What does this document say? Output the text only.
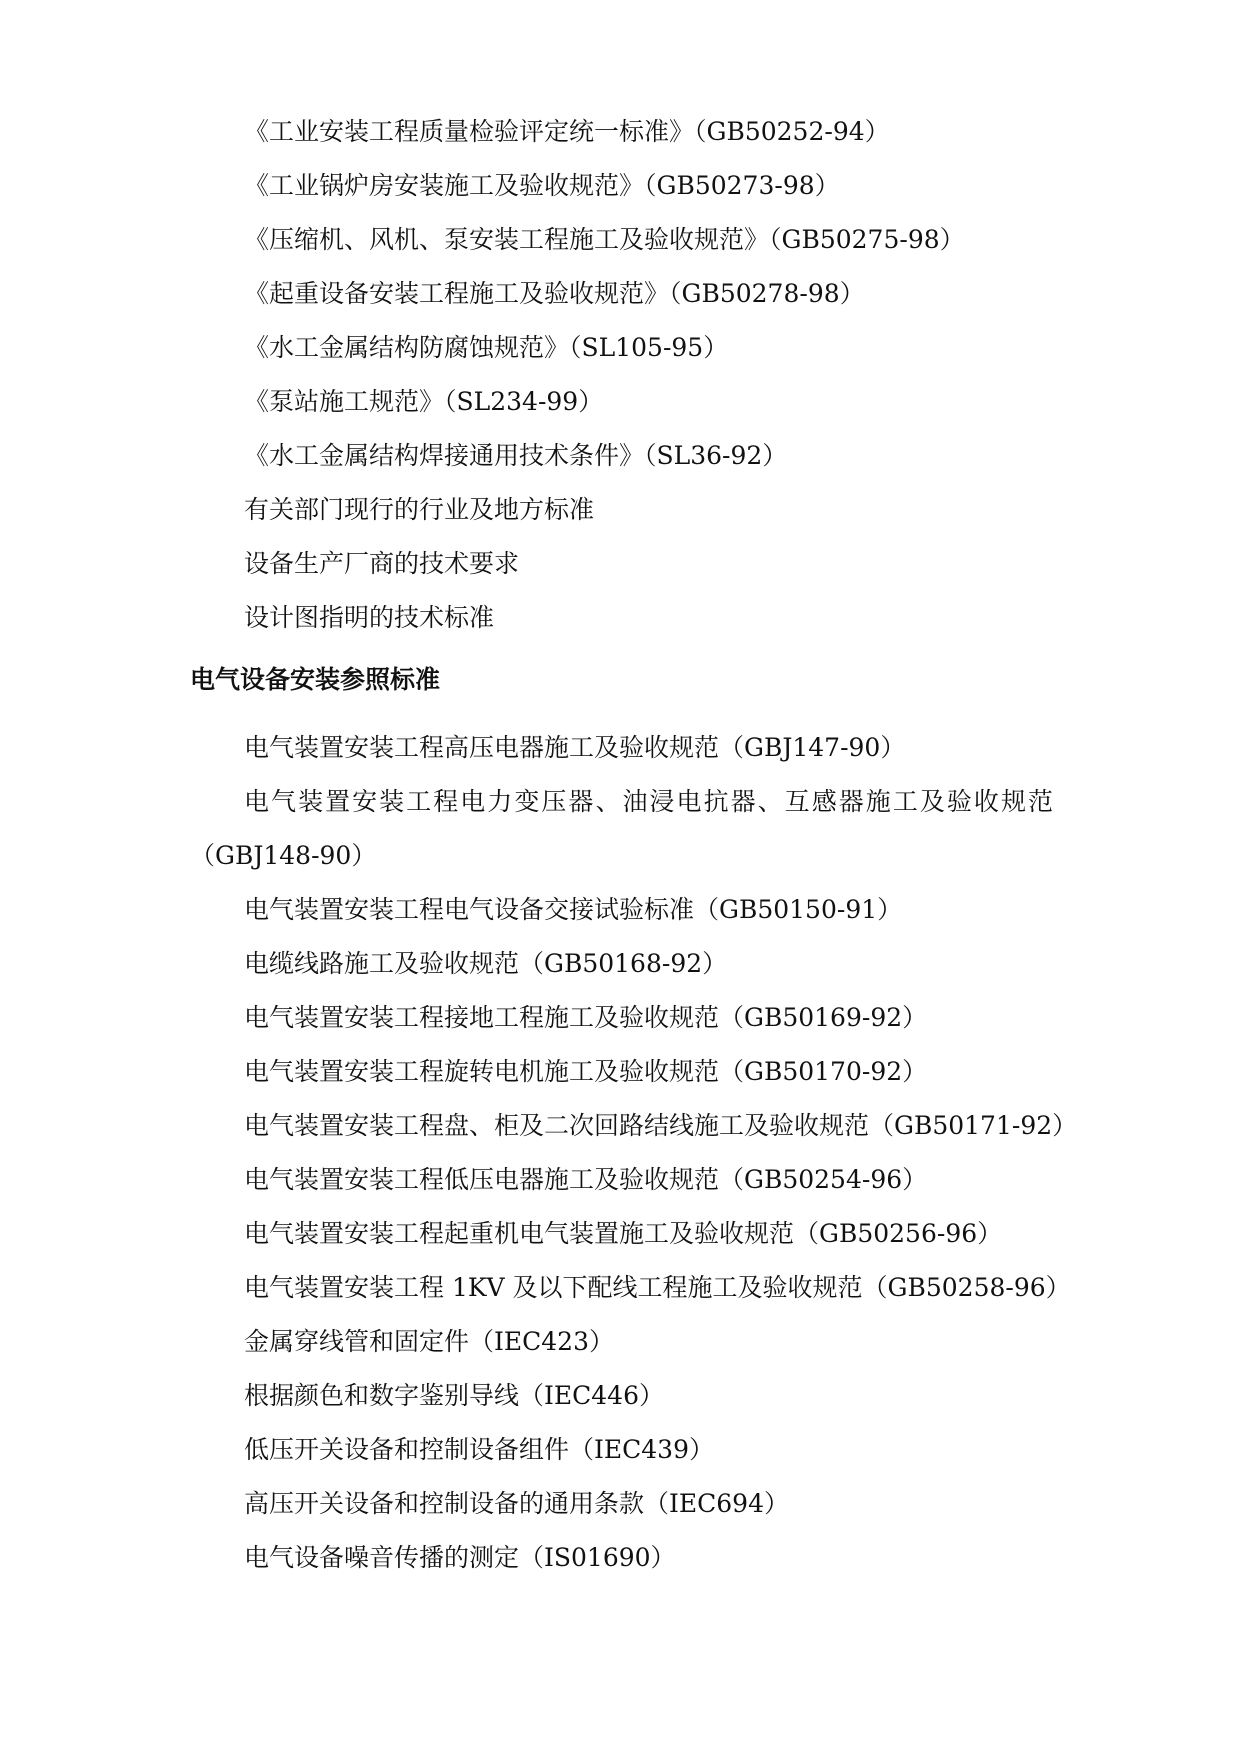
《工业安装工程质量检验评定统一标准》（GB50252-94）
《工业锅炉房安装施工及验收规范》（GB50273-98）
《压缩机、风机、泵安装工程施工及验收规范》（GB50275-98）
《起重设备安装工程施工及验收规范》（GB50278-98）
《水工金属结构防腐蚀规范》（SL105-95）
《泵站施工规范》（SL234-99）
《水工金属结构焊接通用技术条件》（SL36-92）
有关部门现行的行业及地方标准
设备生产厂商的技术要求
设计图指明的技术标准
电气设备安装参照标准
电气装置安装工程高压电器施工及验收规范（GBJ147-90）
电气装置安装工程电力变压器、油浸电抗器、互感器施工及验收规范
（GBJ148-90）
电气装置安装工程电气设备交接试验标准（GB50150-91）
电缆线路施工及验收规范（GB50168-92）
电气装置安装工程接地工程施工及验收规范（GB50169-92）
电气装置安装工程旋转电机施工及验收规范（GB50170-92）
电气装置安装工程盘、柜及二次回路结线施工及验收规范（GB50171-92）
电气装置安装工程低压电器施工及验收规范（GB50254-96）
电气装置安装工程起重机电气装置施工及验收规范（GB50256-96）
电气装置安装工程 1KV 及以下配线工程施工及验收规范（GB50258-96）
金属穿线管和固定件（IEC423）
根据颜色和数字鉴别导线（IEC446）
低压开关设备和控制设备组件（IEC439）
高压开关设备和控制设备的通用条款（IEC694）
电气设备噪音传播的测定（IS01690）
